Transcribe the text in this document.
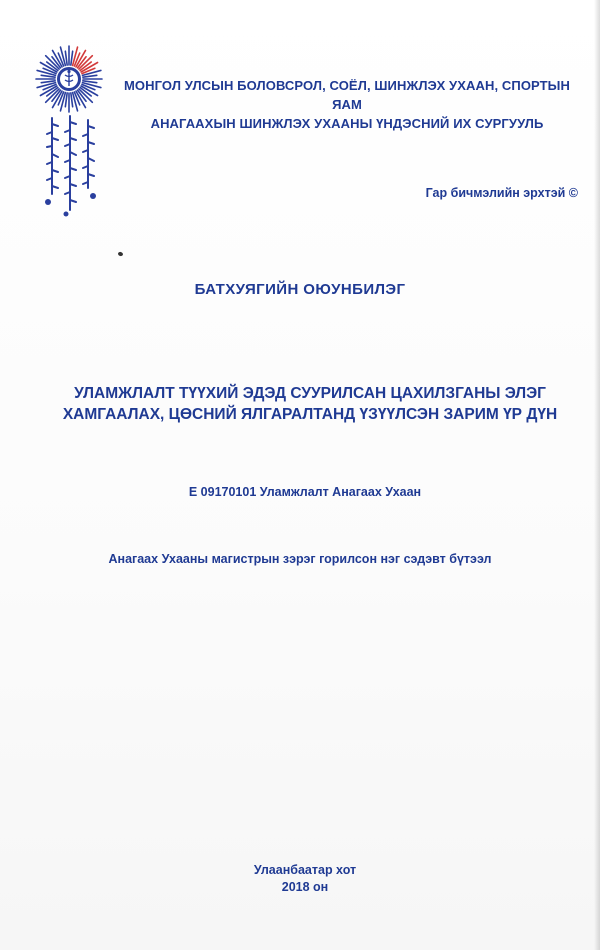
МОНГОЛ УЛСЫН БОЛОВСРОЛ, СОЁЛ, ШИНЖЛЭХ УХААН, СПОРТЫН ЯАМ
АНАГААХЫН ШИНЖЛЭХ УХААНЫ ҮНДЭСНИЙ ИХ СУРГУУЛЬ
Гар бичмэлийн эрхтэй ©
БАТХУЯГИЙН ОЮУНБИЛЭГ
УЛАМЖЛАЛТ ТҮҮХИЙ ЭДЭД СУУРИЛСАН ЦАХИЛЗГАНЫ ЭЛЭГ
ХАМГААЛАХ, ЦӨСНИЙ ЯЛГАРАЛТАНД ҮЗҮҮЛСЭН ЗАРИМ ҮР ДҮН
E 09170101 Уламжлалт Анагаах Ухаан
Анагаах Ухааны магистрын зэрэг горилсон нэг сэдэвт бүтээл
Улаанбаатар хот
2018 он
